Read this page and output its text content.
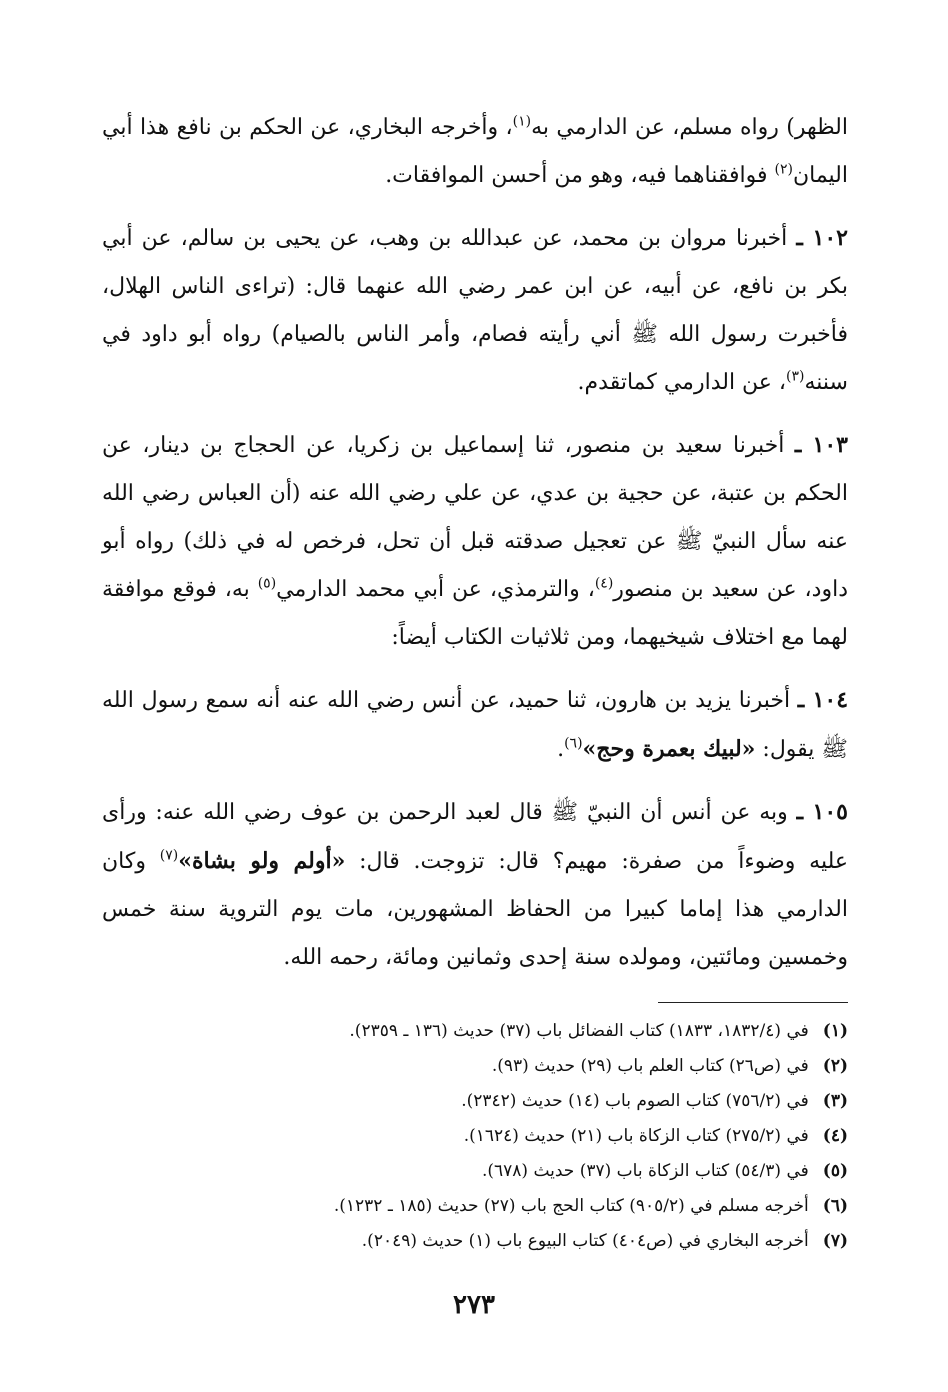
الظهر) رواه مسلم، عن الدارمي به$^{(١)}$، وأخرجه البخاري، عن الحكم بن نافع هذا أبي اليمان$^{(٢)}$ فوافقناهما فيه، وهو من أحسن الموافقات.

١٠٢ ـ أخبرنا مروان بن محمد، عن عبدالله بن وهب، عن يحيى بن سالم، عن أبي بكر بن نافع، عن أبيه، عن ابن عمر رضي الله عنهما قال: (تراءى الناس الهلال، فأخبرت رسول الله ﷺ أني رأيته فصام، وأمر الناس بالصيام) رواه أبو داود في سننه$^{(٣)}$، عن الدارمي كماتقدم.

١٠٣ ـ أخبرنا سعيد بن منصور، ثنا إسماعيل بن زكريا، عن الحجاج بن دينار، عن الحكم بن عتبة، عن حجية بن عدي، عن علي رضي الله عنه (أن العباس رضي الله عنه سأل النبيّ ﷺ عن تعجيل صدقته قبل أن تحل، فرخص له في ذلك) رواه أبو داود، عن سعيد بن منصور$^{(٤)}$، والترمذي، عن أبي محمد الدارمي$^{(٥)}$ به، فوقع موافقة لهما مع اختلاف شيخيهما، ومن ثلاثيات الكتاب أيضاً:

١٠٤ ـ أخبرنا يزيد بن هارون، ثنا حميد، عن أنس رضي الله عنه أنه سمع رسول الله ﷺ يقول: «لبيك بعمرة وحج»$^{(٦)}$.

١٠٥ ـ وبه عن أنس أن النبيّ ﷺ قال لعبد الرحمن بن عوف رضي الله عنه: ورأى عليه وضوءاً من صفرة: مهيم؟ قال: تزوجت. قال: «أولم ولو بشاة»$^{(٧)}$ وكان الدارمي هذا إماما كبيرا من الحفاظ المشهورين، مات يوم التروية سنة خمس وخمسين ومائتين، ومولده سنة إحدى وثمانين ومائة، رحمه الله.

(١)
في (١٨٣٢/٤، ١٨٣٣) كتاب الفضائل باب (٣٧) حديث (١٣٦ ـ ٢٣٥٩).
(٢)
في (ص٢٦) كتاب العلم باب (٢٩) حديث (٩٣).
(٣)
في (٧٥٦/٢) كتاب الصوم باب (١٤) حديث (٢٣٤٢).
(٤)
في (٢٧٥/٢) كتاب الزكاة باب (٢١) حديث (١٦٢٤).
(٥)
في (٥٤/٣) كتاب الزكاة باب (٣٧) حديث (٦٧٨).
(٦)
أخرجه مسلم في (٩٠٥/٢) كتاب الحج باب (٢٧) حديث (١٨٥ ـ ١٢٣٢).
(٧)
أخرجه البخاري في (ص٤٠٤) كتاب البيوع باب (١) حديث (٢٠٤٩).
٢٧٣
